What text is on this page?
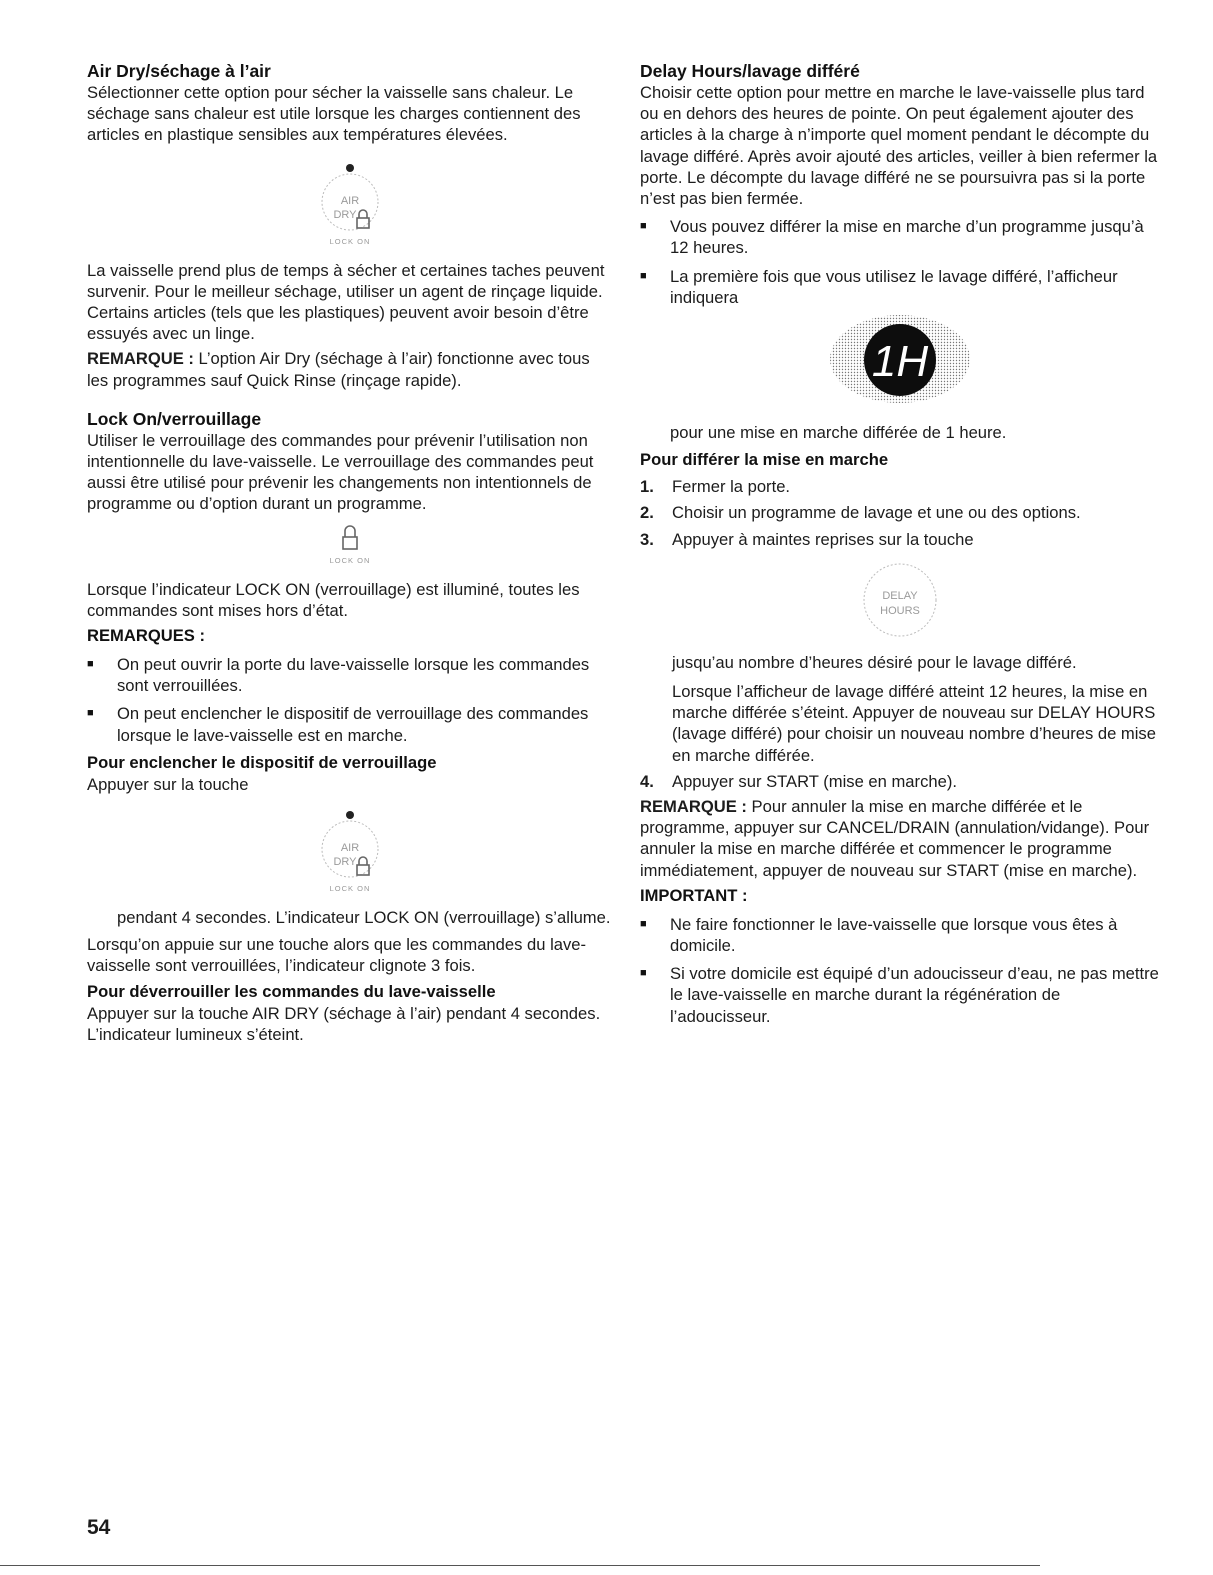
Air Dry/séchage à l’air

Sélectionner cette option pour sécher la vaisselle sans chaleur. Le séchage sans chaleur est utile lorsque les charges contiennent des articles en plastique sensibles aux températures élevées.

AIR
DRY
LOCK ON

La vaisselle prend plus de temps à sécher et certaines taches peuvent survenir. Pour le meilleur séchage, utiliser un agent de rinçage liquide. Certains articles (tels que les plastiques) peuvent avoir besoin d’être essuyés avec un linge.

REMARQUE : L’option Air Dry (séchage à l’air) fonctionne avec tous les programmes sauf Quick Rinse (rinçage rapide).

Lock On/verrouillage

Utiliser le verrouillage des commandes pour prévenir l’utilisation non intentionnelle du lave-vaisselle. Le verrouillage des commandes peut aussi être utilisé pour prévenir les changements non intentionnels de programme ou d’option durant un programme.

LOCK ON

Lorsque l’indicateur LOCK ON (verrouillage) est illuminé, toutes les commandes sont mises hors d’état.

REMARQUES :

■ On peut ouvrir la porte du lave-vaisselle lorsque les commandes sont verrouillées.
■ On peut enclencher le dispositif de verrouillage des commandes lorsque le lave-vaisselle est en marche.

Pour enclencher le dispositif de verrouillage

Appuyer sur la touche

AIR
DRY
LOCK ON

pendant 4 secondes. L’indicateur LOCK ON (verrouillage) s’allume.

Lorsqu’on appuie sur une touche alors que les commandes du lave-vaisselle sont verrouillées, l’indicateur clignote 3 fois.

Pour déverrouiller les commandes du lave-vaisselle

Appuyer sur la touche AIR DRY (séchage à l’air) pendant 4 secondes. L’indicateur lumineux s’éteint.

Delay Hours/lavage différé

Choisir cette option pour mettre en marche le lave-vaisselle plus tard ou en dehors des heures de pointe. On peut également ajouter des articles à la charge à n’importe quel moment pendant le décompte du lavage différé. Après avoir ajouté des articles, veiller à bien refermer la porte. Le décompte du lavage différé ne se poursuivra pas si la porte n’est pas bien fermée.

■ Vous pouvez différer la mise en marche d’un programme jusqu’à 12 heures.
■ La première fois que vous utilisez le lavage différé, l’afficheur indiquera
1H

pour une mise en marche différée de 1 heure.

Pour différer la mise en marche

1. Fermer la porte.
2. Choisir un programme de lavage et une ou des options.
3. Appuyer à maintes reprises sur la touche
DELAY
HOURS

jusqu’au nombre d’heures désiré pour le lavage différé.

Lorsque l’afficheur de lavage différé atteint 12 heures, la mise en marche différée s’éteint. Appuyer de nouveau sur DELAY HOURS (lavage différé) pour choisir un nouveau nombre d’heures de mise en marche différée.

4. Appuyer sur START (mise en marche).

REMARQUE : Pour annuler la mise en marche différée et le programme, appuyer sur CANCEL/DRAIN (annulation/vidange). Pour annuler la mise en marche différée et commencer le programme immédiatement, appuyer de nouveau sur START (mise en marche).

IMPORTANT :

■ Ne faire fonctionner le lave-vaisselle que lorsque vous êtes à domicile.
■ Si votre domicile est équipé d’un adoucisseur d’eau, ne pas mettre le lave-vaisselle en marche durant la régénération de l’adoucisseur.
54
